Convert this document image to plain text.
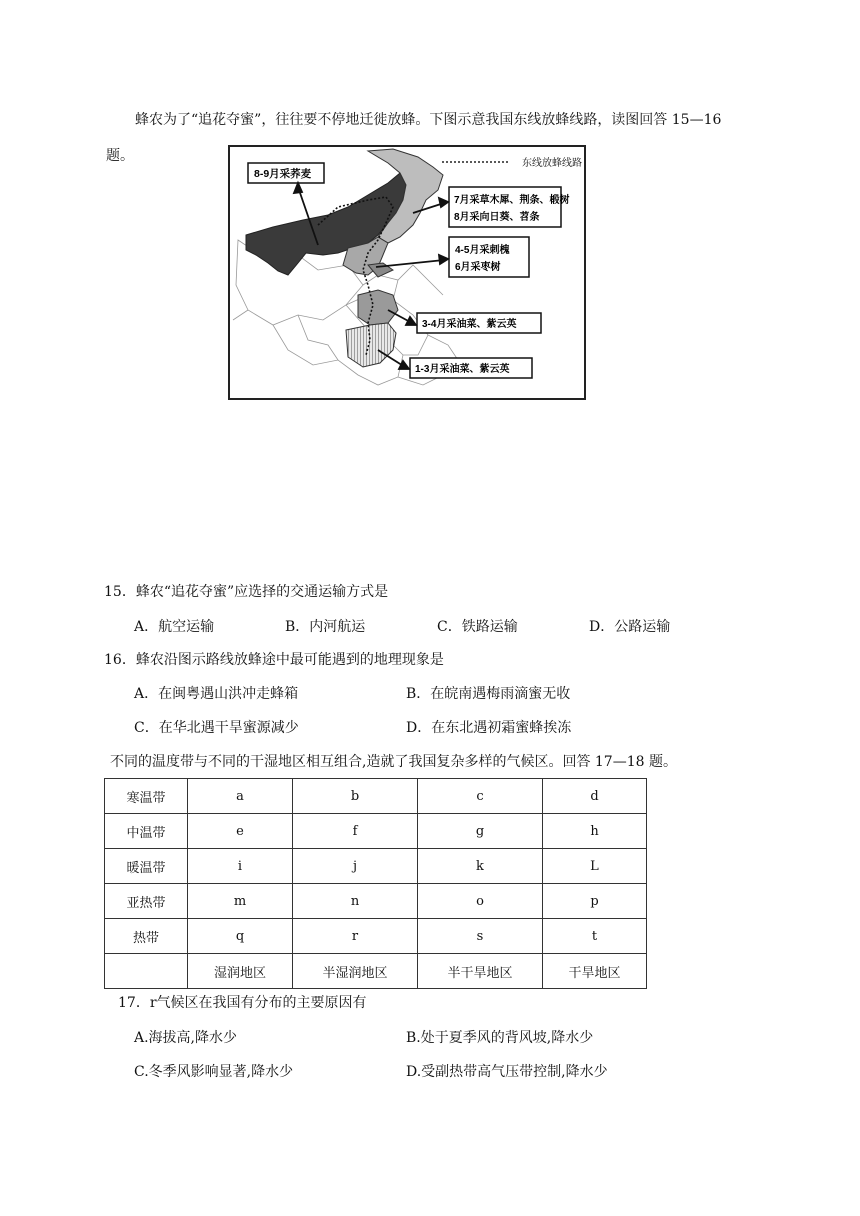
蜂农为了“追花夺蜜”，往往要不停地迁徙放蜂。下图示意我国东线放蜂线路，读图回答 15—16
题。	东线放蜂线路
8-9月采荞麦
7月采草木犀、荆条、椴树
8月采向日葵、苕条
4-5月采刺槐
6月采枣树
3-4月采油菜、紫云英
1-3月采油菜、紫云英
15．蜂农“追花夺蜜”应选择的交通运输方式是
A．航空运输	B．内河航运	C．铁路运输	D．公路运输
16．蜂农沿图示路线放蜂途中最可能遇到的地理现象是
A．在闽粤遇山洪冲走蜂箱	B．在皖南遇梅雨滴蜜无收
C．在华北遇干旱蜜源减少	D．在东北遇初霜蜜蜂挨冻
不同的温度带与不同的干湿地区相互组合,造就了我国复杂多样的气候区。回答 17—18 题。
寒温带	a	b	c	d
中温带	e	f	g	h
暖温带	i	j	k	L
亚热带	m	n	o	p
热带	q	r	s	t
	湿润地区	半湿润地区	半干旱地区	干旱地区
17．r气候区在我国有分布的主要原因有
A.海拔高,降水少	B.处于夏季风的背风坡,降水少
C.冬季风影响显著,降水少	D.受副热带高气压带控制,降水少
